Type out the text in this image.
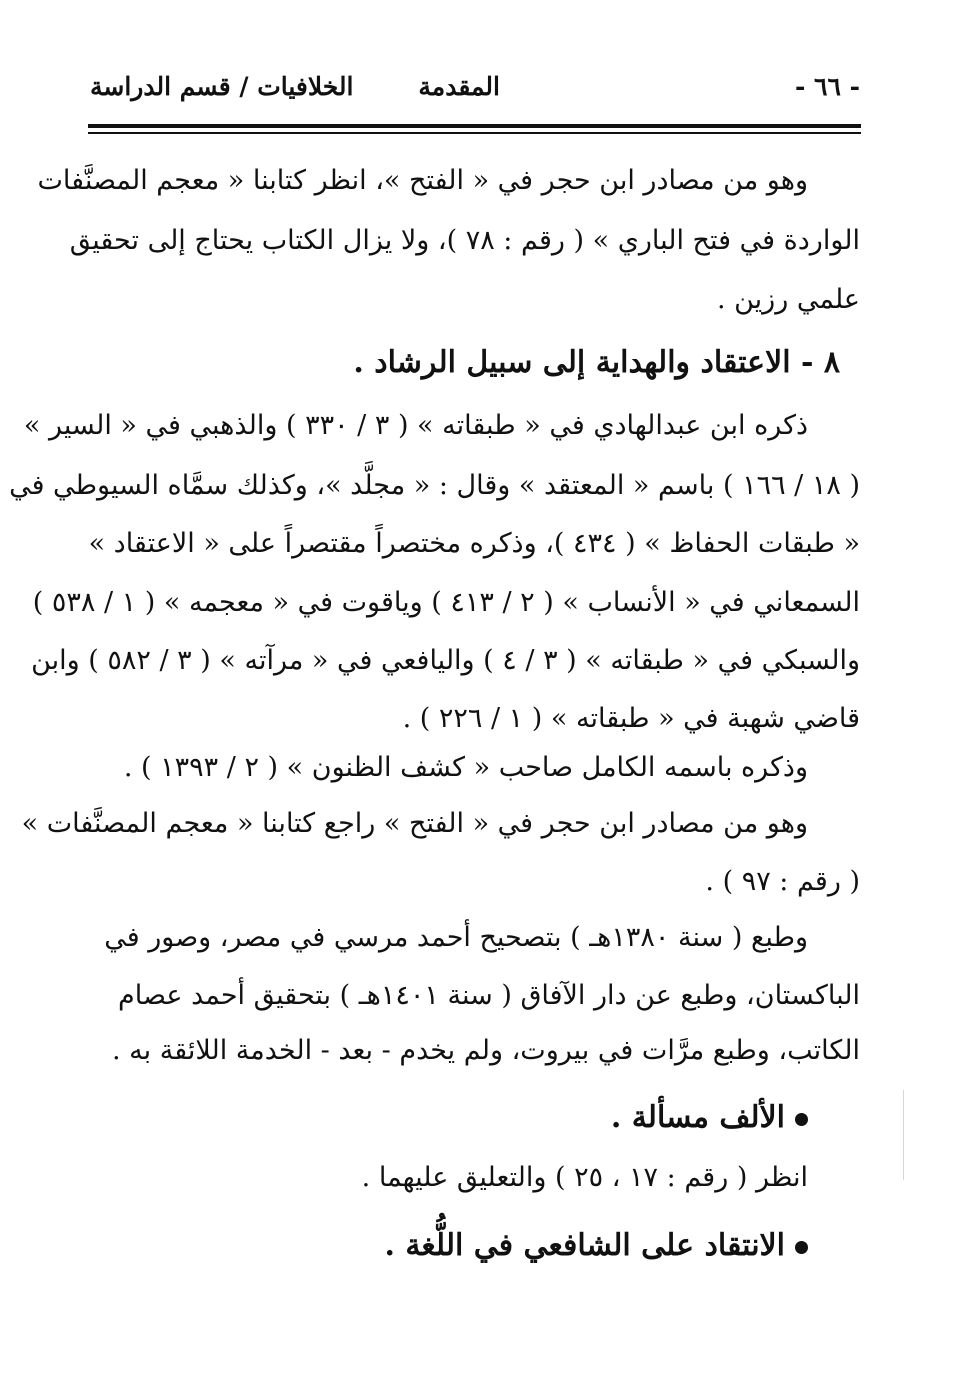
- ٦٦ -
المقدمة
الخلافيات / قسم الدراسة
وهو من مصادر ابن حجر في « الفتح »، انظر كتابنا « معجم المصنَّفات
الواردة في فتح الباري » ( رقم : ٧٨ )، ولا يزال الكتاب يحتاج إلى تحقيق
علمي رزين .
٨ - الاعتقاد والهداية إلى سبيل الرشاد .
ذكره ابن عبدالهادي في « طبقاته » ( ٣ / ٣٣٠ ) والذهبي في « السير »
( ١٨ / ١٦٦ ) باسم « المعتقد » وقال : « مجلَّد »، وكذلك سمَّاه السيوطي في
« طبقات الحفاظ » ( ٤٣٤ )، وذكره مختصراً مقتصراً على « الاعتقاد »
السمعاني في « الأنساب » ( ٢ / ٤١٣ ) وياقوت في « معجمه » ( ١ / ٥٣٨ )
والسبكي في « طبقاته » ( ٣ / ٤ ) واليافعي في « مرآته » ( ٣ / ٥٨٢ ) وابن
قاضي شهبة في « طبقاته » ( ١ / ٢٢٦ ) .
وذكره باسمه الكامل صاحب « كشف الظنون » ( ٢ / ١٣٩٣ ) .
وهو من مصادر ابن حجر في « الفتح » راجع كتابنا « معجم المصنَّفات »
( رقم : ٩٧ ) .
وطبع ( سنة ١٣٨٠هـ ) بتصحيح أحمد مرسي في مصر، وصور في
الباكستان، وطبع عن دار الآفاق ( سنة ١٤٠١هـ ) بتحقيق أحمد عصام
الكاتب، وطبع مرَّات في بيروت، ولم يخدم - بعد - الخدمة اللائقة به .
الألف مسألة .
انظر ( رقم : ١٧ ، ٢٥ ) والتعليق عليهما .
الانتقاد على الشافعي في اللُّغة .
